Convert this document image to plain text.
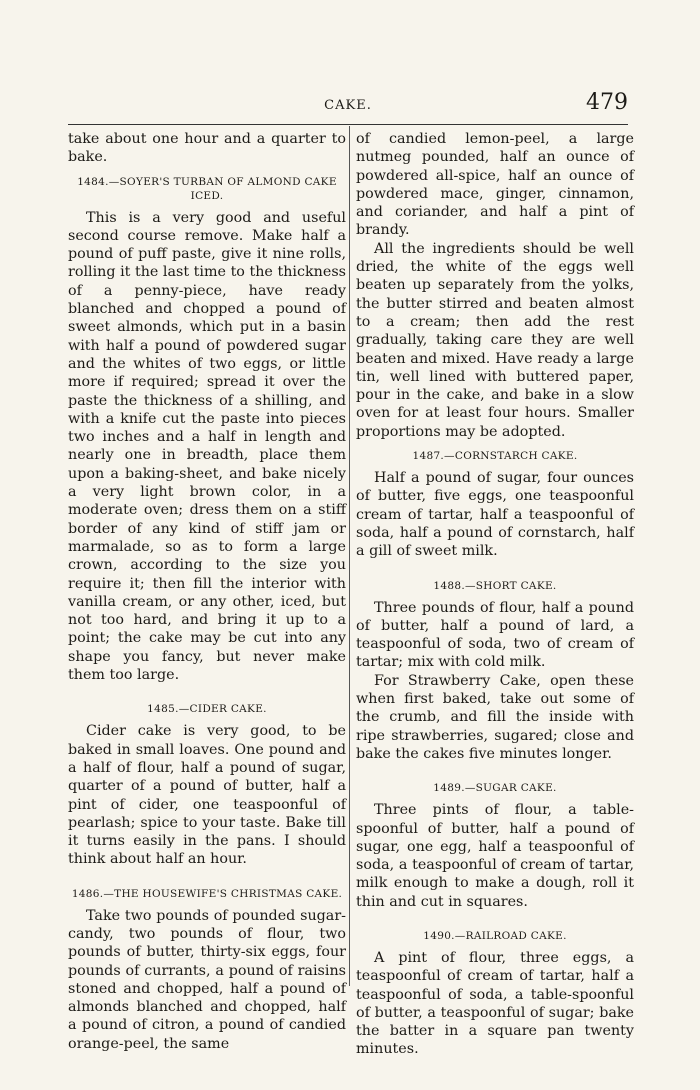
CAKE.	479

take about one hour and a quarter to bake.

1484.—SOYER'S TURBAN OF ALMOND CAKE ICED.

This is a very good and useful second course remove. Make half a pound of puff paste, give it nine rolls, rolling it the last time to the thickness of a penny-piece, have ready blanched and chopped a pound of sweet almonds, which put in a basin with half a pound of powdered sugar and the whites of two eggs, or little more if required; spread it over the paste the thickness of a shilling, and with a knife cut the paste into pieces two inches and a half in length and nearly one in breadth, place them upon a baking-sheet, and bake nicely a very light brown color, in a moderate oven; dress them on a stiff border of any kind of stiff jam or marmalade, so as to form a large crown, according to the size you require it; then fill the interior with vanilla cream, or any other, iced, but not too hard, and bring it up to a point; the cake may be cut into any shape you fancy, but never make them too large.

1485.—CIDER CAKE.

Cider cake is very good, to be baked in small loaves. One pound and a half of flour, half a pound of sugar, quarter of a pound of butter, half a pint of cider, one teaspoonful of pearlash; spice to your taste. Bake till it turns easily in the pans. I should think about half an hour.

1486.—THE HOUSEWIFE'S CHRISTMAS CAKE.

Take two pounds of pounded sugar-candy, two pounds of flour, two pounds of butter, thirty-six eggs, four pounds of currants, a pound of raisins stoned and chopped, half a pound of almonds blanched and chopped, half a pound of citron, a pound of candied orange-peel, the same

of candied lemon-peel, a large nutmeg pounded, half an ounce of powdered all-spice, half an ounce of powdered mace, ginger, cinnamon, and coriander, and half a pint of brandy.

All the ingredients should be well dried, the white of the eggs well beaten up separately from the yolks, the butter stirred and beaten almost to a cream; then add the rest gradually, taking care they are well beaten and mixed. Have ready a large tin, well lined with buttered paper, pour in the cake, and bake in a slow oven for at least four hours. Smaller proportions may be adopted.

1487.—CORNSTARCH CAKE.

Half a pound of sugar, four ounces of butter, five eggs, one teaspoonful cream of tartar, half a teaspoonful of soda, half a pound of cornstarch, half a gill of sweet milk.

1488.—SHORT CAKE.

Three pounds of flour, half a pound of butter, half a pound of lard, a teaspoonful of soda, two of cream of tartar; mix with cold milk.

For Strawberry Cake, open these when first baked, take out some of the crumb, and fill the inside with ripe strawberries, sugared; close and bake the cakes five minutes longer.

1489.—SUGAR CAKE.

Three pints of flour, a table-spoonful of butter, half a pound of sugar, one egg, half a teaspoonful of soda, a teaspoonful of cream of tartar, milk enough to make a dough, roll it thin and cut in squares.

1490.—RAILROAD CAKE.

A pint of flour, three eggs, a teaspoonful of cream of tartar, half a teaspoonful of soda, a table-spoonful of butter, a teaspoonful of sugar; bake the batter in a square pan twenty minutes.
